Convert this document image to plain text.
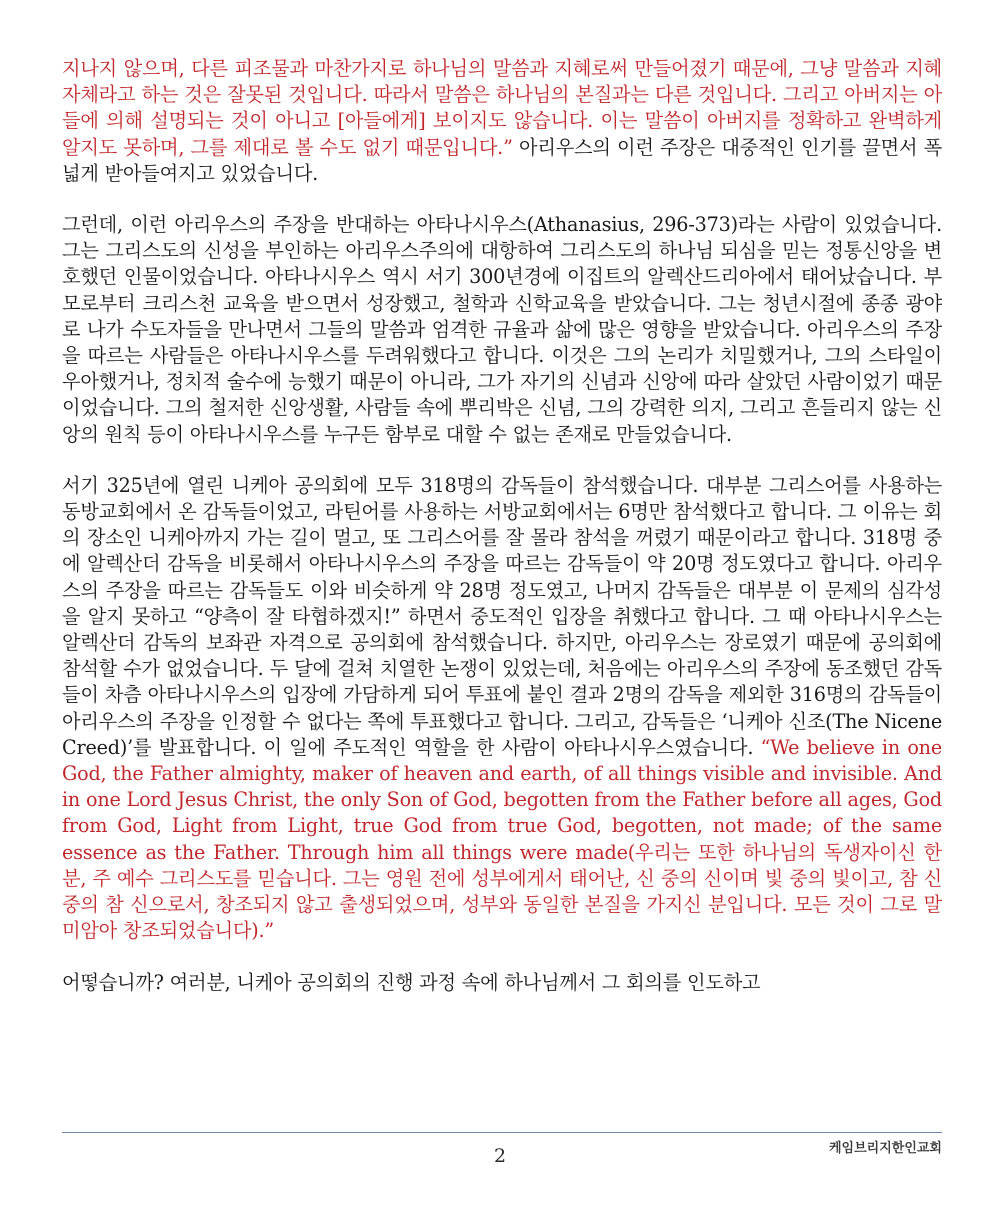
지나지 않으며, 다른 피조물과 마찬가지로 하나님의 말씀과 지혜로써 만들어졌기 때문에, 그냥 말씀과 지혜 자체라고 하는 것은 잘못된 것입니다. 따라서 말씀은 하나님의 본질과는 다른 것입니다. 그리고 아버지는 아들에 의해 설명되는 것이 아니고 [아들에게] 보이지도 않습니다. 이는 말씀이 아버지를 정확하고 완벽하게 알지도 못하며, 그를 제대로 볼 수도 없기 때문입니다.” 아리우스의 이런 주장은 대중적인 인기를 끌면서 폭넓게 받아들여지고 있었습니다.

그런데, 이런 아리우스의 주장을 반대하는 아타나시우스(Athanasius, 296-373)라는 사람이 있었습니다. 그는 그리스도의 신성을 부인하는 아리우스주의에 대항하여 그리스도의 하나님 되심을 믿는 정통신앙을 변호했던 인물이었습니다. 아타나시우스 역시 서기 300년경에 이집트의 알렉산드리아에서 태어났습니다. 부모로부터 크리스천 교육을 받으면서 성장했고, 철학과 신학교육을 받았습니다. 그는 청년시절에 종종 광야로 나가 수도자들을 만나면서 그들의 말씀과 엄격한 규율과 삶에 많은 영향을 받았습니다. 아리우스의 주장을 따르는 사람들은 아타나시우스를 두려워했다고 합니다. 이것은 그의 논리가 치밀했거나, 그의 스타일이 우아했거나, 정치적 술수에 능했기 때문이 아니라, 그가 자기의 신념과 신앙에 따라 살았던 사람이었기 때문이었습니다. 그의 철저한 신앙생활, 사람들 속에 뿌리박은 신념, 그의 강력한 의지, 그리고 흔들리지 않는 신앙의 원칙 등이 아타나시우스를 누구든 함부로 대할 수 없는 존재로 만들었습니다.

서기 325년에 열린 니케아 공의회에 모두 318명의 감독들이 참석했습니다. 대부분 그리스어를 사용하는 동방교회에서 온 감독들이었고, 라틴어를 사용하는 서방교회에서는 6명만 참석했다고 합니다. 그 이유는 회의 장소인 니케아까지 가는 길이 멀고, 또 그리스어를 잘 몰라 참석을 꺼렸기 때문이라고 합니다. 318명 중에 알렉산더 감독을 비롯해서 아타나시우스의 주장을 따르는 감독들이 약 20명 정도였다고 합니다. 아리우스의 주장을 따르는 감독들도 이와 비슷하게 약 28명 정도였고, 나머지 감독들은 대부분 이 문제의 심각성을 알지 못하고 “양측이 잘 타협하겠지!” 하면서 중도적인 입장을 취했다고 합니다. 그 때 아타나시우스는 알렉산더 감독의 보좌관 자격으로 공의회에 참석했습니다. 하지만, 아리우스는 장로였기 때문에 공의회에 참석할 수가 없었습니다. 두 달에 걸쳐 치열한 논쟁이 있었는데, 처음에는 아리우스의 주장에 동조했던 감독들이 차츰 아타나시우스의 입장에 가담하게 되어 투표에 붙인 결과 2명의 감독을 제외한 316명의 감독들이 아리우스의 주장을 인정할 수 없다는 쪽에 투표했다고 합니다. 그리고, 감독들은 ‘니케아 신조(The Nicene Creed)’를 발표합니다. 이 일에 주도적인 역할을 한 사람이 아타나시우스였습니다. “We believe in one God, the Father almighty, maker of heaven and earth, of all things visible and invisible. And in one Lord Jesus Christ, the only Son of God, begotten from the Father before all ages, God from God, Light from Light, true God from true God, begotten, not made; of the same essence as the Father. Through him all things were made(우리는 또한 하나님의 독생자이신 한 분, 주 예수 그리스도를 믿습니다. 그는 영원 전에 성부에게서 태어난, 신 중의 신이며 빛 중의 빛이고, 참 신 중의 참 신으로서, 창조되지 않고 출생되었으며, 성부와 동일한 본질을 가지신 분입니다. 모든 것이 그로 말미암아 창조되었습니다).”

어떻습니까? 여러분, 니케아 공의회의 진행 과정 속에 하나님께서 그 회의를 인도하고

케임브리지한인교회
2
